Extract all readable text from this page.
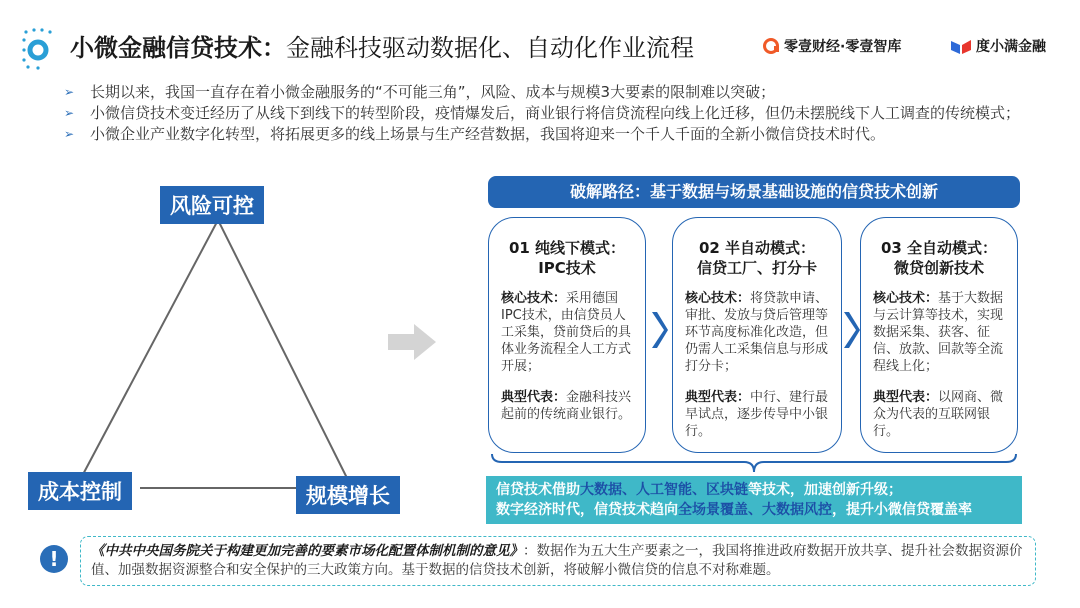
小微金融信贷技术：金融科技驱动数据化、自动化作业流程	零壹财经·零壹智库	度小满金融
➢ 长期以来，我国一直存在着小微金融服务的“不可能三角”，风险、成本与规模3大要素的限制难以突破；
➢ 小微信贷技术变迁经历了从线下到线下的转型阶段，疫情爆发后，商业银行将信贷流程向线上化迁移，但仍未摆脱线下人工调查的传统模式；
➢ 小微企业产业数字化转型，将拓展更多的线上场景与生产经营数据，我国将迎来一个千人千面的全新小微信贷技术时代。
风险可控
成本控制	规模增长
破解路径：基于数据与场景基础设施的信贷技术创新
01 纯线下模式：
IPC技术
核心技术：采用德国IPC技术，由信贷员人工采集，贷前贷后的具体业务流程全人工方式开展；
典型代表：金融科技兴起前的传统商业银行。
02 半自动模式：
信贷工厂、打分卡
核心技术：将贷款申请、审批、发放与贷后管理等环节高度标准化改造，但仍需人工采集信息与形成打分卡；
典型代表：中行、建行最早试点，逐步传导中小银行。
03 全自动模式：
微贷创新技术
核心技术：基于大数据与云计算等技术，实现数据采集、获客、征信、放款、回款等全流程线上化；
典型代表：以网商、微众为代表的互联网银行。
信贷技术借助大数据、人工智能、区块链等技术，加速创新升级；
数字经济时代，信贷技术趋向全场景覆盖、大数据风控，提升小微信贷覆盖率
!	《中共中央国务院关于构建更加完善的要素市场化配置体制机制的意见》：数据作为五大生产要素之一，我国将推进政府数据开放共享、提升社会数据资源价值、加强数据资源整合和安全保护的三大政策方向。基于数据的信贷技术创新，将破解小微信贷的信息不对称难题。
